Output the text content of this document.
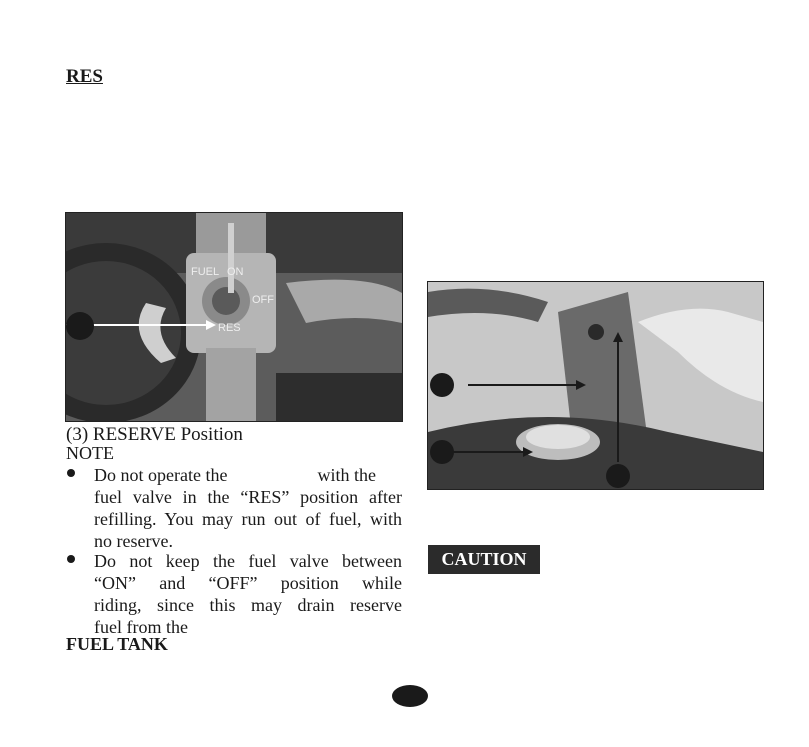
RES
FUEL ON
OFF
RES
(3) RESERVE Position
NOTE
Do not operate the                    with the
fuel valve in the “RES” position after
refilling. You may run out of fuel, with
no reserve.
Do not keep the fuel valve between
“ON” and “OFF” position while
riding, since this may drain reserve
fuel from the
FUEL TANK
CAUTION
